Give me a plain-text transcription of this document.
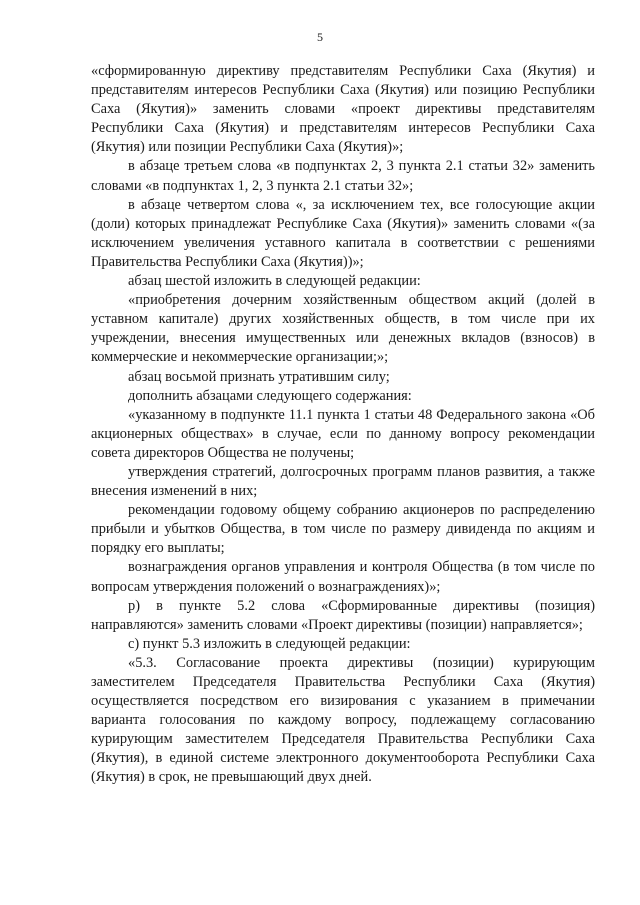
5

«сформированную директиву представителям Республики Саха (Якутия) и представителям интересов Республики Саха (Якутия) или позицию Республики Саха (Якутия)» заменить словами «проект директивы представителям Республики Саха (Якутия) и представителям интересов Республики Саха (Якутия) или позиции Республики Саха (Якутия)»;

в абзаце третьем слова «в подпунктах 2, 3 пункта 2.1 статьи 32» заменить словами «в подпунктах 1, 2, 3 пункта 2.1 статьи 32»;

в абзаце четвертом слова «, за исключением тех, все голосующие акции (доли) которых принадлежат Республике Саха (Якутия)» заменить словами «(за исключением увеличения уставного капитала в соответствии с решениями Правительства Республики Саха (Якутия))»;

абзац шестой изложить в следующей редакции:

«приобретения дочерним хозяйственным обществом акций (долей в уставном капитале) других хозяйственных обществ, в том числе при их учреждении, внесения имущественных или денежных вкладов (взносов) в коммерческие и некоммерческие организации;»;

абзац восьмой признать утратившим силу;

дополнить абзацами следующего содержания:

«указанному в подпункте 11.1 пункта 1 статьи 48 Федерального закона «Об акционерных обществах» в случае, если по данному вопросу рекомендации совета директоров Общества не получены;

утверждения стратегий, долгосрочных программ планов развития, а также внесения изменений в них;

рекомендации годовому общему собранию акционеров по распределению прибыли и убытков Общества, в том числе по размеру дивиденда по акциям и порядку его выплаты;

вознаграждения органов управления и контроля Общества (в том числе по вопросам утверждения положений о вознаграждениях)»;

р) в пункте 5.2 слова «Сформированные директивы (позиция) направляются» заменить словами «Проект директивы (позиции) направляется»;

с) пункт 5.3 изложить в следующей редакции:

«5.3. Согласование проекта директивы (позиции) курирующим заместителем Председателя Правительства Республики Саха (Якутия) осуществляется посредством его визирования с указанием в примечании варианта голосования по каждому вопросу, подлежащему согласованию курирующим заместителем Председателя Правительства Республики Саха (Якутия), в единой системе электронного документооборота Республики Саха (Якутия) в срок, не превышающий двух дней.
